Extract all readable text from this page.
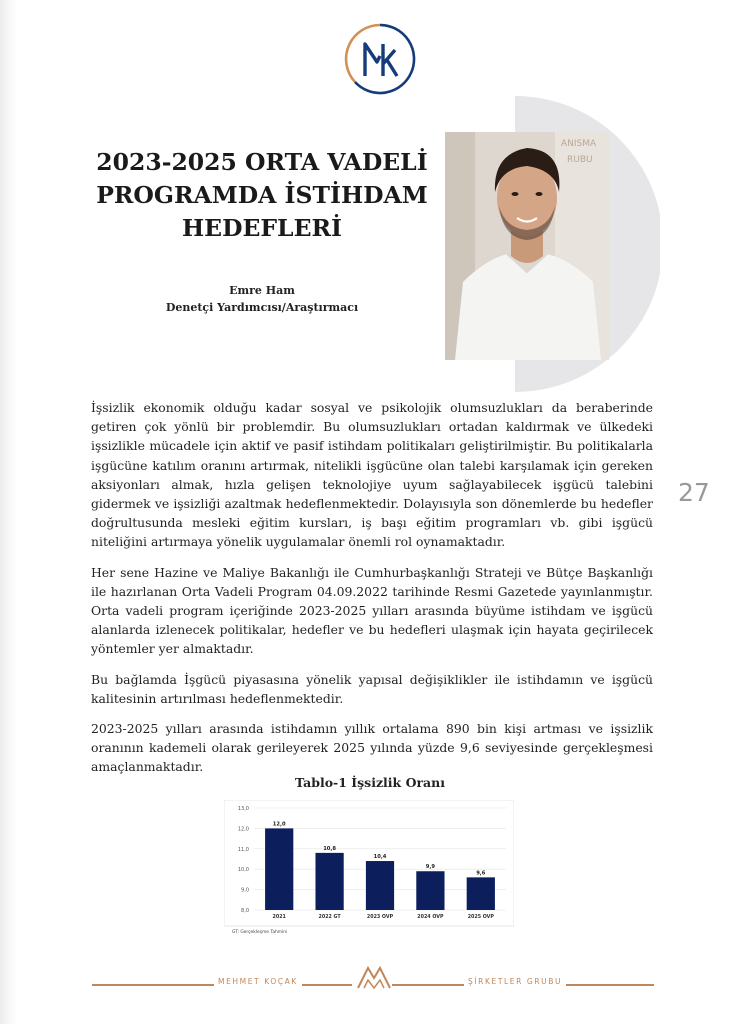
ANISMA
RUBU
2023-2025 ORTA VADELİ
PROGRAMDA İSTİHDAM
HEDEFLERİ
Emre Ham
Denetçi Yardımcısı/Araştırmacı
27

İşsizlik ekonomik olduğu kadar sosyal ve psikolojik olumsuzlukları da beraberinde getiren çok yönlü bir problemdir. Bu olumsuzlukları ortadan kaldırmak ve ülkedeki işsizlikle mücadele için aktif ve pasif istihdam politikaları geliştirilmiştir. Bu politikalarla işgücüne katılım oranını artırmak, nitelikli işgücüne olan talebi karşılamak için gereken aksiyonları almak, hızla gelişen teknolojiye uyum sağlayabilecek işgücü talebini gidermek ve işsizliği azaltmak hedeflenmektedir. Dolayısıyla son dönemlerde bu hedefler doğrultusunda mesleki eğitim kursları, iş başı eğitim programları vb. gibi işgücü niteliğini artırmaya yönelik uygulamalar önemli rol oynamaktadır.

Her sene Hazine ve Maliye Bakanlığı ile Cumhurbaşkanlığı Strateji ve Bütçe Başkanlığı ile hazırlanan Orta Vadeli Program 04.09.2022 tarihinde Resmi Gazetede yayınlanmıştır. Orta vadeli program içeriğinde 2023-2025 yılları arasında büyüme istihdam ve işgücü alanlarda izlenecek politikalar, hedefler ve bu hedefleri ulaşmak için hayata geçirilecek yöntemler yer almaktadır.

Bu bağlamda İşgücü piyasasına yönelik yapısal değişiklikler ile istihdamın ve işgücü kalitesinin artırılması hedeflenmektedir.

2023-2025 yılları arasında istihdamın yıllık ortalama 890 bin kişi artması ve işsizlik oranının kademeli olarak gerileyerek 2025 yılında yüzde 9,6 seviyesinde gerçekleşmesi amaçlanmaktadır.

Tablo-1 İşsizlik Oranı
8,0
9,0
10,0
11,0
12,0
13,0
12,0
2021
10,8
2022 GT
10,4
2023 OVP
9,9
2024 OVP
9,6
2025 OVP
GT: Gerçekleşme Tahmini
MEHMET KOÇAK	ŞİRKETLER GRUBU
